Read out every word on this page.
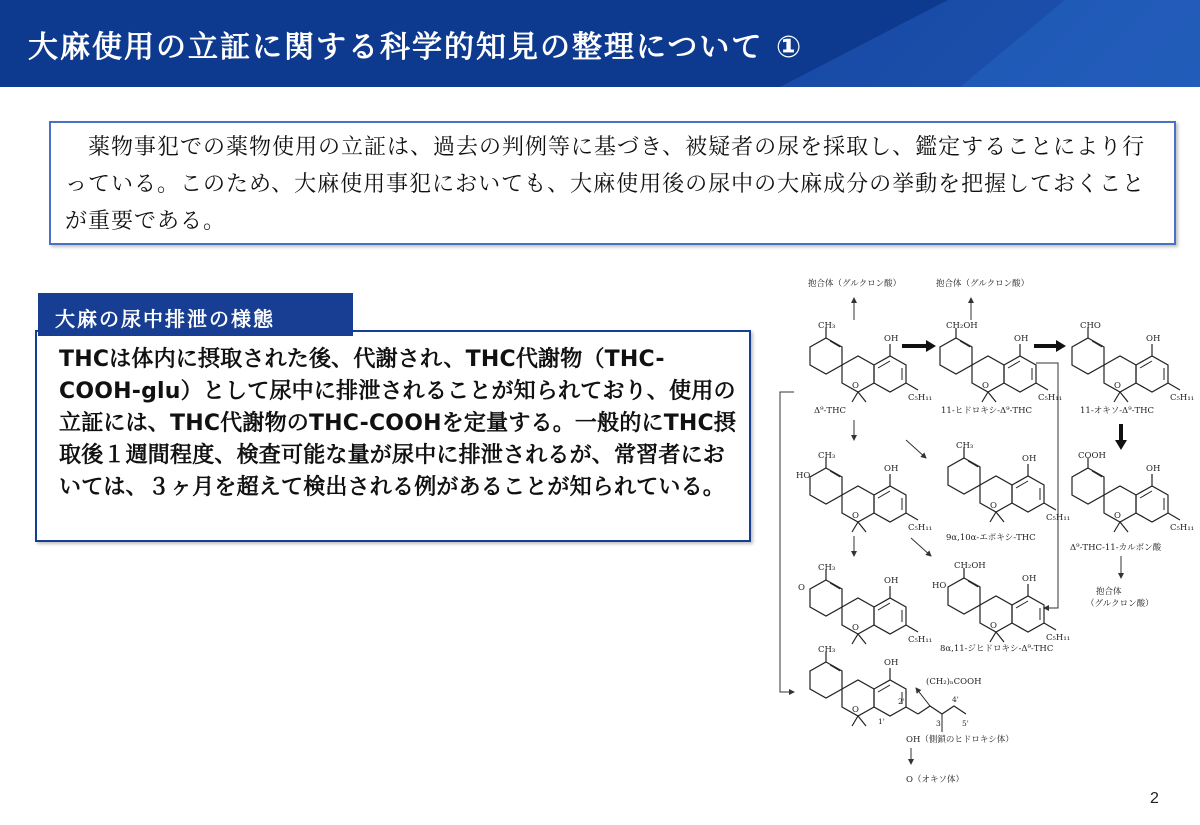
大麻使用の立証に関する科学的知見の整理について ①

　薬物事犯での薬物使用の立証は、過去の判例等に基づき、被疑者の尿を採取し、鑑定することにより行っている。このため、大麻使用事犯においても、大麻使用後の尿中の大麻成分の挙動を把握しておくことが重要である。

大麻の尿中排泄の様態

THCは体内に摂取された後、代謝され、THC代謝物（THC-COOH-glu）として尿中に排泄されることが知られており、使用の立証には、THC代謝物のTHC-COOHを定量する。一般的にTHC摂取後１週間程度、検査可能な量が尿中に排泄されるが、常習者においては、３ヶ月を超えて検出される例があることが知られている。

抱合体（グルクロン酸）	抱合体（グルクロン酸）
CH₃
OH
O
C₅H₁₁
Δ⁹-THC
CH₂OH
OH
O
C₅H₁₁
11-ヒドロキシ-Δ⁹-THC
CHO
OH
O
C₅H₁₁
11-オキソ-Δ⁹-THC
COOH
OH
O
C₅H₁₁
Δ⁹-THC-11-カルボン酸
抱合体
（グルクロン酸）
CH₃
HO
OH
O
C₅H₁₁
CH₃
OH
O
C₅H₁₁
9α,10α-エポキシ-THC
CH₃
O
OH
O
C₅H₁₁
CH₂OH
HO
OH
O
C₅H₁₁
8α,11-ジヒドロキシ-Δ⁹-THC
CH₃
OH
O
(CH₂)ₙCOOH
2'	4'
1'	3'	5'
OH（側鎖のヒドロキシ体）
O（オキソ体）
2
